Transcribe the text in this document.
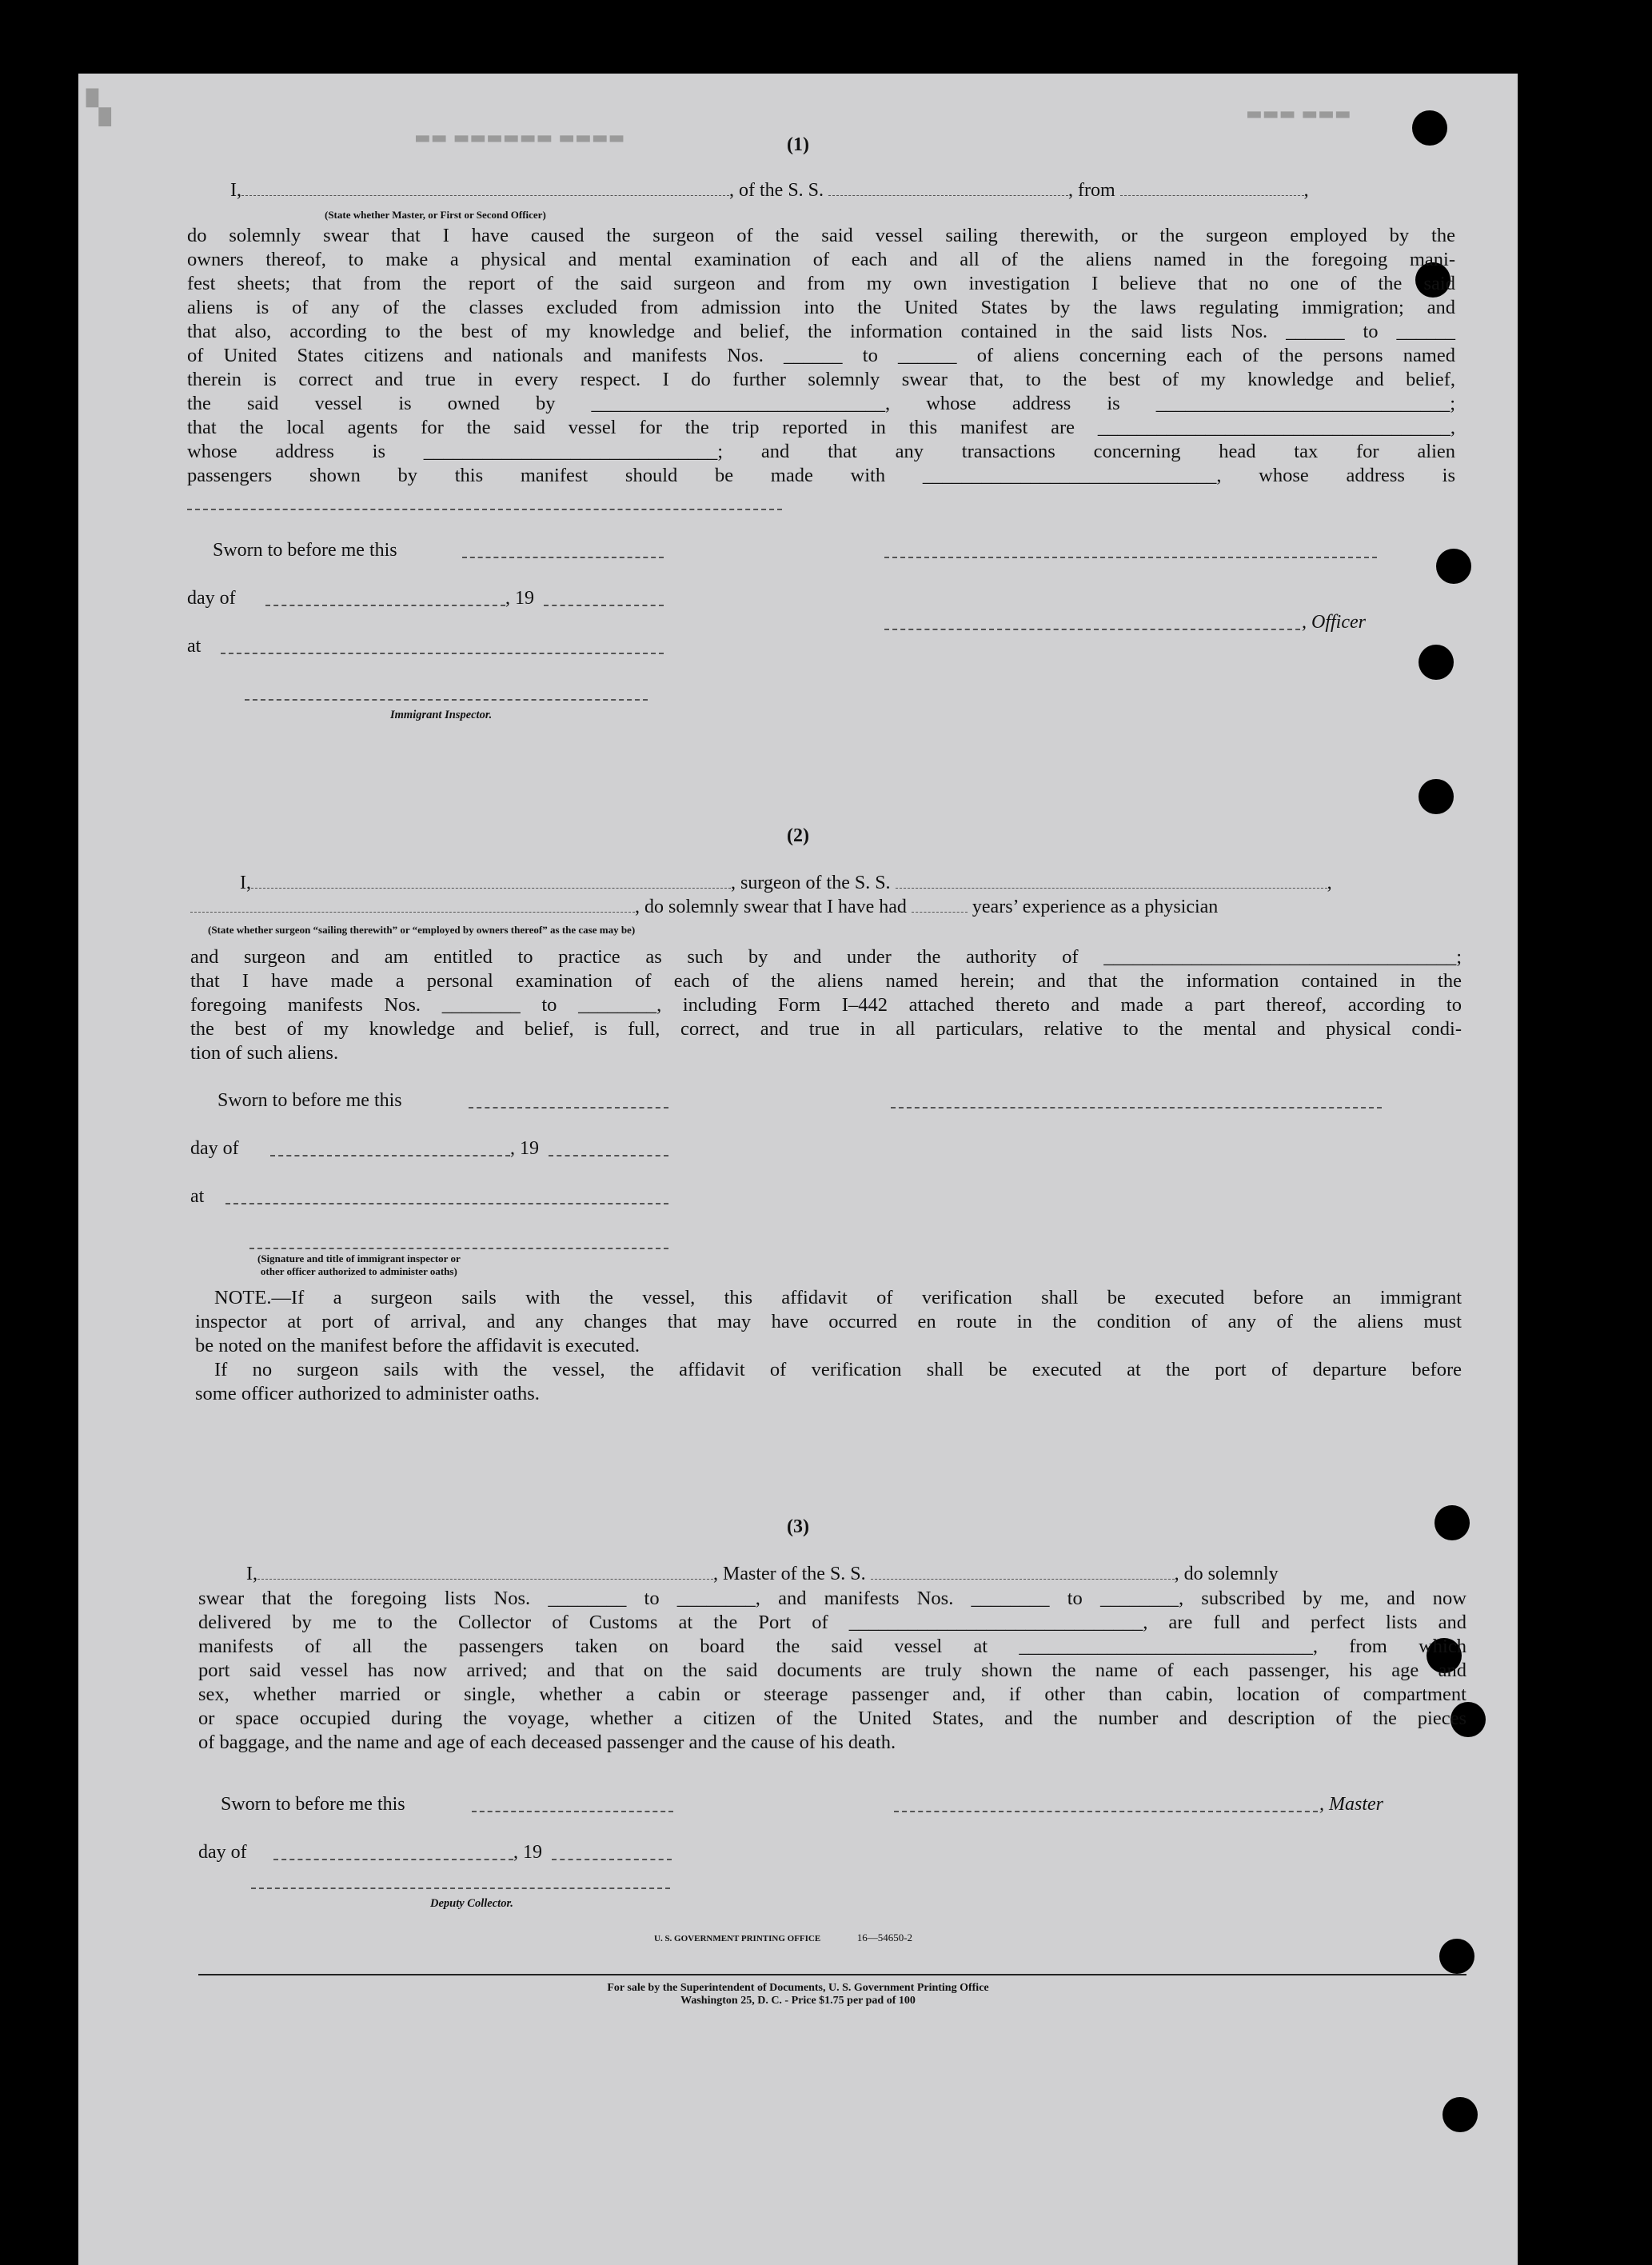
▚
▬▬ ▬▬▬▬▬▬ ▬▬▬▬
▬▬▬ ▬▬▬
(1)
I,	, of the S. S.	, from	,
(State whether Master, or First or Second Officer)
do solemnly swear that I have caused the surgeon of the said vessel sailing therewith, or the surgeon employed by the
owners thereof, to make a physical and mental examination of each and all of the aliens named in the foregoing mani-
fest sheets; that from the report of the said surgeon and from my own investigation I believe that no one of the said
aliens is of any of the classes excluded from admission into the United States by the laws regulating immigration; and
that also, according to the best of my knowledge and belief, the information contained in the said lists Nos. ______ to ______
of United States citizens and nationals and manifests Nos. ______ to ______ of aliens concerning each of the persons named
therein is correct and true in every respect. I do further solemnly swear that, to the best of my knowledge and belief,
the said vessel is owned by ______________________________, whose address is ______________________________;
that the local agents for the said vessel for the trip reported in this manifest are ____________________________________,
whose address is ______________________________; and that any transactions concerning head tax for alien
passengers shown by this manifest should be made with ______________________________, whose address is
Sworn to before me this
day of	, 19
, Officer
at
Immigrant Inspector.
(2)
I,	, surgeon of the S. S.	,
, do solemnly swear that I have had	years’ experience as a physician
(State whether surgeon “sailing therewith” or “employed by owners thereof” as the case may be)
and surgeon and am entitled to practice as such by and under the authority of ____________________________________;
that I have made a personal examination of each of the aliens named herein; and that the information contained in the
foregoing manifests Nos. ________ to ________, including Form I–442 attached thereto and made a part thereof, according to
the best of my knowledge and belief, is full, correct, and true in all particulars, relative to the mental and physical condi-
tion of such aliens.
Sworn to before me this
day of	, 19
at
(Signature and title of immigrant inspector or
other officer authorized to administer oaths)
NOTE.—If a surgeon sails with the vessel, this affidavit of verification shall be executed before an immigrant
inspector at port of arrival, and any changes that may have occurred en route in the condition of any of the aliens must
be noted on the manifest before the affidavit is executed.
If no surgeon sails with the vessel, the affidavit of verification shall be executed at the port of departure before
some officer authorized to administer oaths.
(3)
I,	, Master of the S. S.	, do solemnly
swear that the foregoing lists Nos. ________ to ________, and manifests Nos. ________ to ________, subscribed by me, and now
delivered by me to the Collector of Customs at the Port of ______________________________, are full and perfect lists and
manifests of all the passengers taken on board the said vessel at ______________________________, from which
port said vessel has now arrived; and that on the said documents are truly shown the name of each passenger, his age and
sex, whether married or single, whether a cabin or steerage passenger and, if other than cabin, location of compartment
or space occupied during the voyage, whether a citizen of the United States, and the number and description of the pieces
of baggage, and the name and age of each deceased passenger and the cause of his death.
Sworn to before me this	, Master
day of	, 19
Deputy Collector.
U. S. GOVERNMENT PRINTING OFFICE	16—54650-2
For sale by the Superintendent of Documents, U. S. Government Printing Office
Washington 25, D. C. - Price $1.75 per pad of 100
